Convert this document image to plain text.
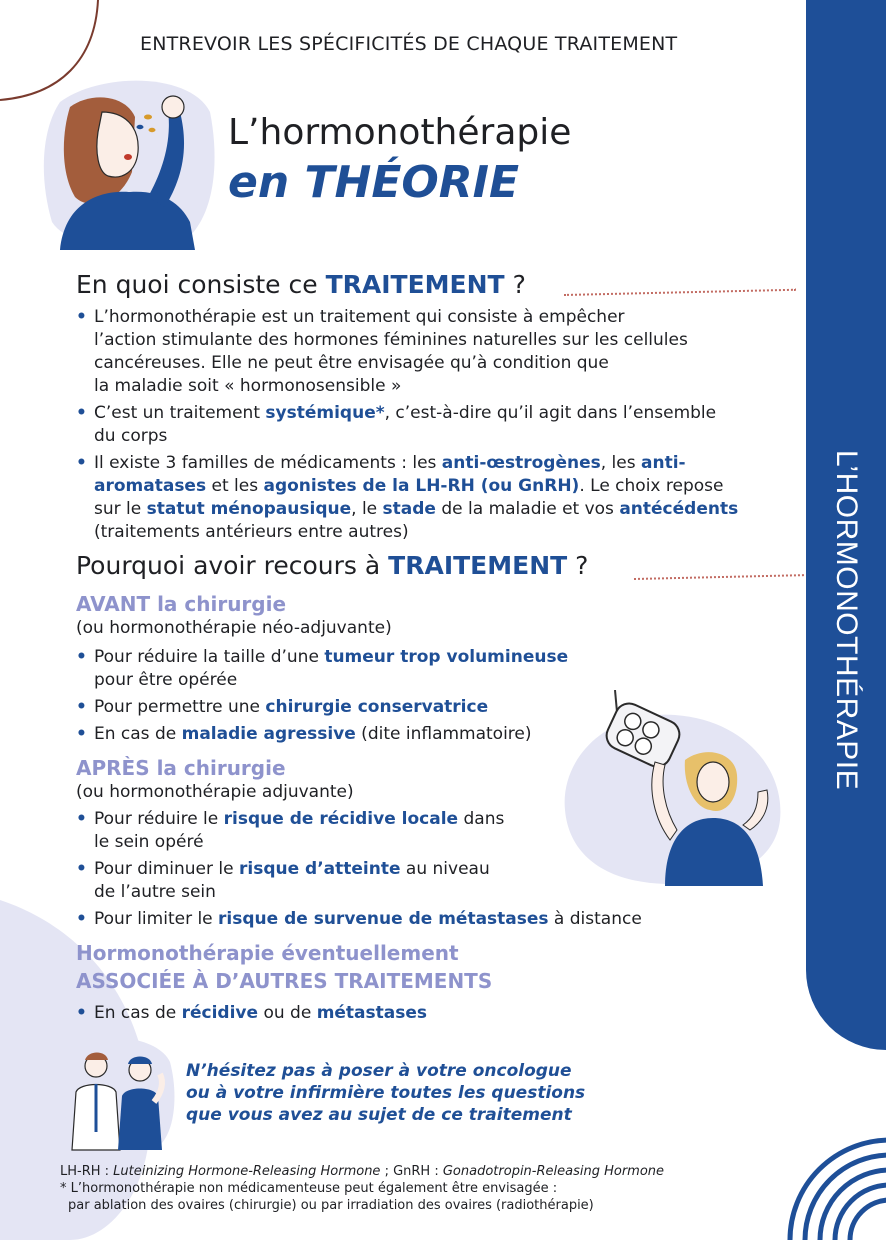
L’HORMONOTHÉRAPIE
ENTREVOIR LES SPÉCIFICITÉS DE CHAQUE TRAITEMENT
L’hormonothérapie
en THÉORIE
En quoi consiste ce TRAITEMENT ?
• L’hormonothérapie est un traitement qui consiste à empêcher
l’action stimulante des hormones féminines naturelles sur les cellules
cancéreuses. Elle ne peut être envisagée qu’à condition que
la maladie soit « hormonosensible »
• C’est un traitement systémique*, c’est-à-dire qu’il agit dans l’ensemble
du corps
• Il existe 3 familles de médicaments : les anti-œstrogènes, les anti-
aromatases et les agonistes de la LH-RH (ou GnRH). Le choix repose
sur le statut ménopausique, le stade de la maladie et vos antécédents
(traitements antérieurs entre autres)
Pourquoi avoir recours à TRAITEMENT ?
AVANT la chirurgie
(ou hormonothérapie néo-adjuvante)
• Pour réduire la taille d’une tumeur trop volumineuse
pour être opérée
• Pour permettre une chirurgie conservatrice
• En cas de maladie agressive (dite inflammatoire)
APRÈS la chirurgie
(ou hormonothérapie adjuvante)
• Pour réduire le risque de récidive locale dans
le sein opéré
• Pour diminuer le risque d’atteinte au niveau
de l’autre sein
• Pour limiter le risque de survenue de métastases à distance
Hormonothérapie éventuellement
ASSOCIÉE À D’AUTRES TRAITEMENTS
• En cas de récidive ou de métastases
N’hésitez pas à poser à votre oncologue
ou à votre infirmière toutes les questions
que vous avez au sujet de ce traitement
LH-RH : Luteinizing Hormone-Releasing Hormone ; GnRH : Gonadotropin-Releasing Hormone
* L’hormonothérapie non médicamenteuse peut également être envisagée :
par ablation des ovaires (chirurgie) ou par irradiation des ovaires (radiothérapie)
